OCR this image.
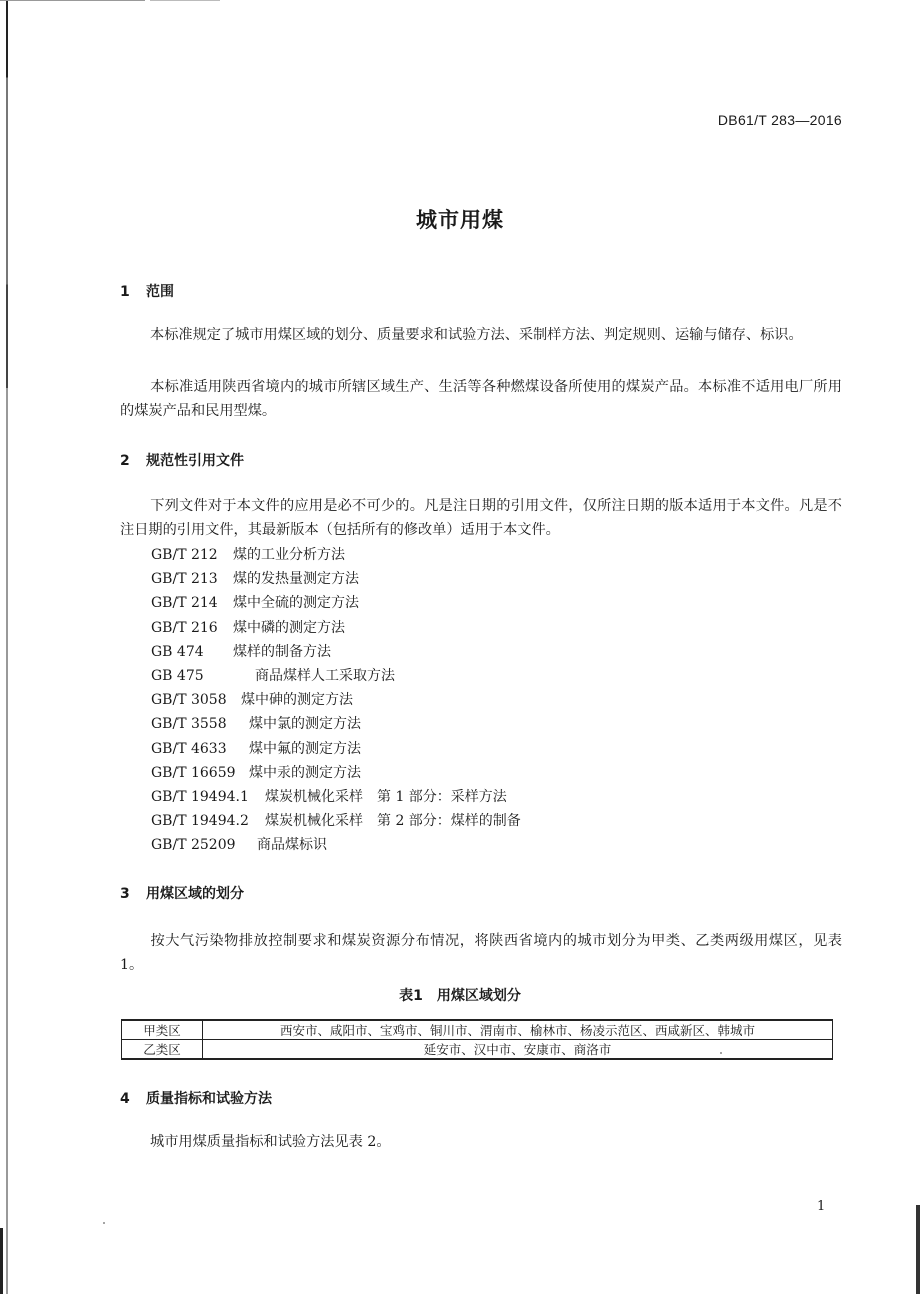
DB61/T 283—2016
城市用煤
1 范围
本标准规定了城市用煤区域的划分、质量要求和试验方法、采制样方法、判定规则、运输与储存、标识。
本标准适用陕西省境内的城市所辖区域生产、生活等各种燃煤设备所使用的煤炭产品。本标准不适用电厂所用的煤炭产品和民用型煤。
2 规范性引用文件
下列文件对于本文件的应用是必不可少的。凡是注日期的引用文件，仅所注日期的版本适用于本文件。凡是不注日期的引用文件，其最新版本（包括所有的修改单）适用于本文件。
GB/T 212 煤的工业分析方法
GB/T 213 煤的发热量测定方法
GB/T 214 煤中全硫的测定方法
GB/T 216 煤中磷的测定方法
GB 474 煤样的制备方法
GB 475	商品煤样人工采取方法
GB/T 3058 煤中砷的测定方法
GB/T 3558 煤中氯的测定方法
GB/T 4633 煤中氟的测定方法
GB/T 16659 煤中汞的测定方法
GB/T 19494.1 煤炭机械化采样　第 1 部分：采样方法
GB/T 19494.2 煤炭机械化采样　第 2 部分：煤样的制备
GB/T 25209 商品煤标识
3 用煤区域的划分
按大气污染物排放控制要求和煤炭资源分布情况，将陕西省境内的城市划分为甲类、乙类两级用煤区，见表 1。
表1　用煤区域划分
甲类区	西安市、咸阳市、宝鸡市、铜川市、渭南市、榆林市、杨凌示范区、西咸新区、韩城市
乙类区	延安市、汉中市、安康市、商洛市
4 质量指标和试验方法
城市用煤质量指标和试验方法见表 2。
1
